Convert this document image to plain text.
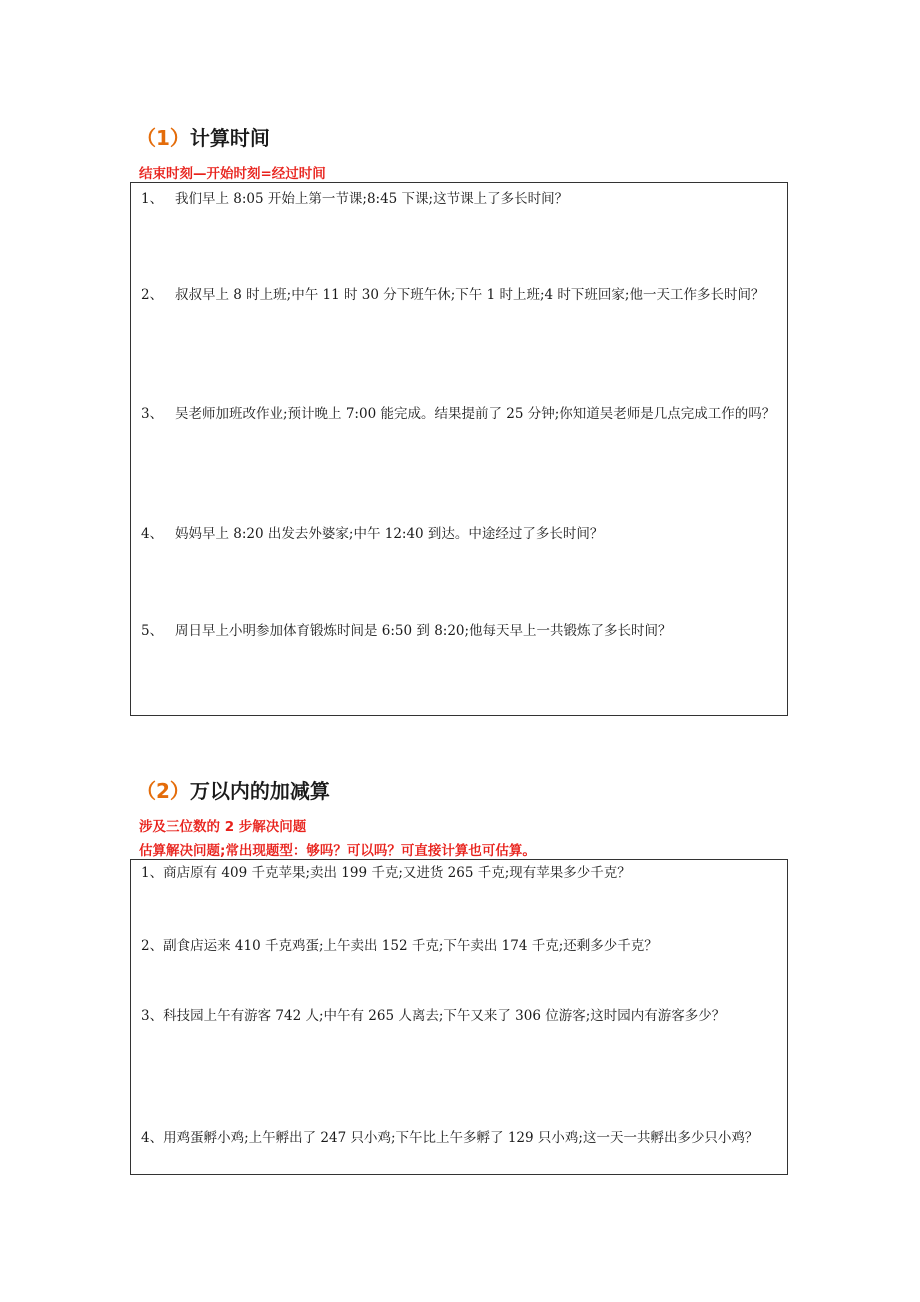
（1）计算时间
结束时刻—开始时刻=经过时间
1、 我们早上 8:05 开始上第一节课;8:45 下课;这节课上了多长时间？
2、 叔叔早上 8 时上班;中午 11 时 30 分下班午休;下午 1 时上班;4 时下班回家;他一天工作多长时间？
3、 吴老师加班改作业;预计晚上 7:00 能完成。结果提前了 25 分钟;你知道吴老师是几点完成工作的吗？
4、 妈妈早上 8:20 出发去外婆家;中午 12:40 到达。中途经过了多长时间？
5、 周日早上小明参加体育锻炼时间是 6:50 到 8:20;他每天早上一共锻炼了多长时间？
（2）万以内的加减算
涉及三位数的 2 步解决问题
估算解决问题;常出现题型：够吗？可以吗？可直接计算也可估算。
1、商店原有 409 千克苹果;卖出 199 千克;又进货 265 千克;现有苹果多少千克？
2、副食店运来 410 千克鸡蛋;上午卖出 152 千克;下午卖出 174 千克;还剩多少千克？
3、科技园上午有游客 742 人;中午有 265 人离去;下午又来了 306 位游客;这时园内有游客多少？
4、用鸡蛋孵小鸡;上午孵出了 247 只小鸡;下午比上午多孵了 129 只小鸡;这一天一共孵出多少只小鸡？
